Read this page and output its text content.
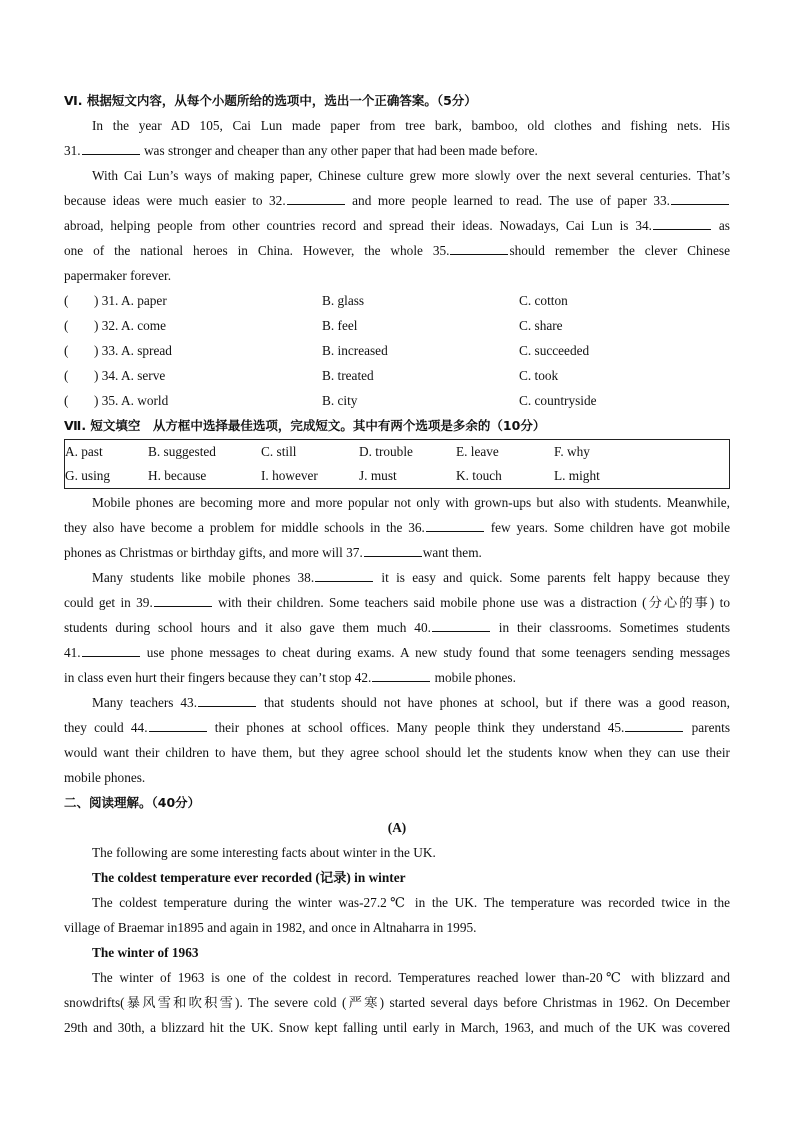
Ⅵ. 根据短文内容，从每个小题所给的选项中，选出一个正确答案。（5分）
In the year AD 105, Cai Lun made paper from tree bark, bamboo, old clothes and fishing nets. His
31.	was stronger and cheaper than any other paper that had been made before.
With Cai Lun’s ways of making paper, Chinese culture grew more slowly over the next several centuries. That’s
because ideas were much easier to 32.	and more people learned to read. The use of paper 33.
abroad, helping people from other countries record and spread their ideas. Nowadays, Cai Lun is 34.	as
one of the national heroes in China. However, the whole 35.	should remember the clever Chinese
papermaker forever.
( ) 31. A. paper	B. glass	C. cotton
( ) 32. A. come	B. feel	C. share
( ) 33. A. spread	B. increased	C. succeeded
( ) 34. A. serve	B. treated	C. took
( ) 35. A. world	B. city	C. countryside
Ⅶ. 短文填空　从方框中选择最佳选项，完成短文。其中有两个选项是多余的（10分）
A. past	B. suggested	C. still	D. trouble	E. leave	F. why
G. using	H. because	I. however	J. must	K. touch	L. might
Mobile phones are becoming more and more popular not only with grown-ups but also with students. Meanwhile,
they also have become a problem for middle schools in the 36.	few years. Some children have got mobile
phones as Christmas or birthday gifts, and more will 37.	want them.
Many students like mobile phones 38.	it is easy and quick. Some parents felt happy because they
could get in 39.	with their children. Some teachers said mobile phone use was a distraction (分心的事) to
students during school hours and it also gave them much 40.	in their classrooms. Sometimes students
41.	use phone messages to cheat during exams. A new study found that some teenagers sending messages
in class even hurt their fingers because they can’t stop 42.	mobile phones.
Many teachers 43.	that students should not have phones at school, but if there was a good reason,
they could 44.	their phones at school offices. Many people think they understand 45.	parents
would want their children to have them, but they agree school should let the students know when they can use their
mobile phones.
二、阅读理解。（40分）
(A)
The following are some interesting facts about winter in the UK.
The coldest temperature ever recorded (记录) in winter
The coldest temperature during the winter was-27.2℃ in the UK. The temperature was recorded twice in the
village of Braemar in1895 and again in 1982, and once in Altnaharra in 1995.
The winter of 1963
The winter of 1963 is one of the coldest in record. Temperatures reached lower than-20℃ with blizzard and
snowdrifts(暴风雪和吹积雪). The severe cold (严寒) started several days before Christmas in 1962. On December
29th and 30th, a blizzard hit the UK. Snow kept falling until early in March, 1963, and much of the UK was covered
